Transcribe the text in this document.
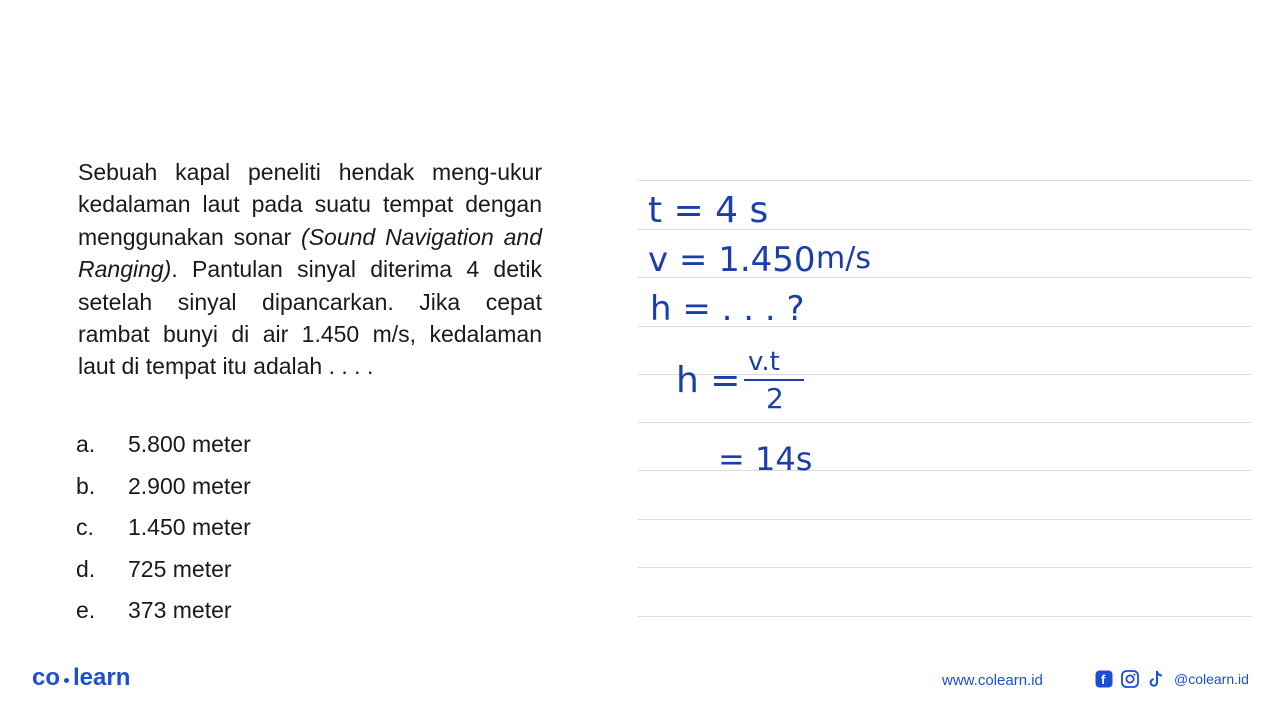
Sebuah kapal peneliti hendak meng-ukur kedalaman laut pada suatu tempat dengan menggunakan sonar (Sound Navigation and Ranging). Pantulan sinyal diterima 4 detik setelah sinyal dipancarkan. Jika cepat rambat bunyi di air 1.450 m/s, kedalaman laut di tempat itu adalah . . . .

a.	5.800 meter
b.	2.900 meter
c.	1.450 meter
d.	725 meter
e.	373 meter
t = 4 s
v = 1.450 m/s
h = . . . ?
h = v.t
2
= 14s
co learn	www.colearn.id	f	@colearn.id
